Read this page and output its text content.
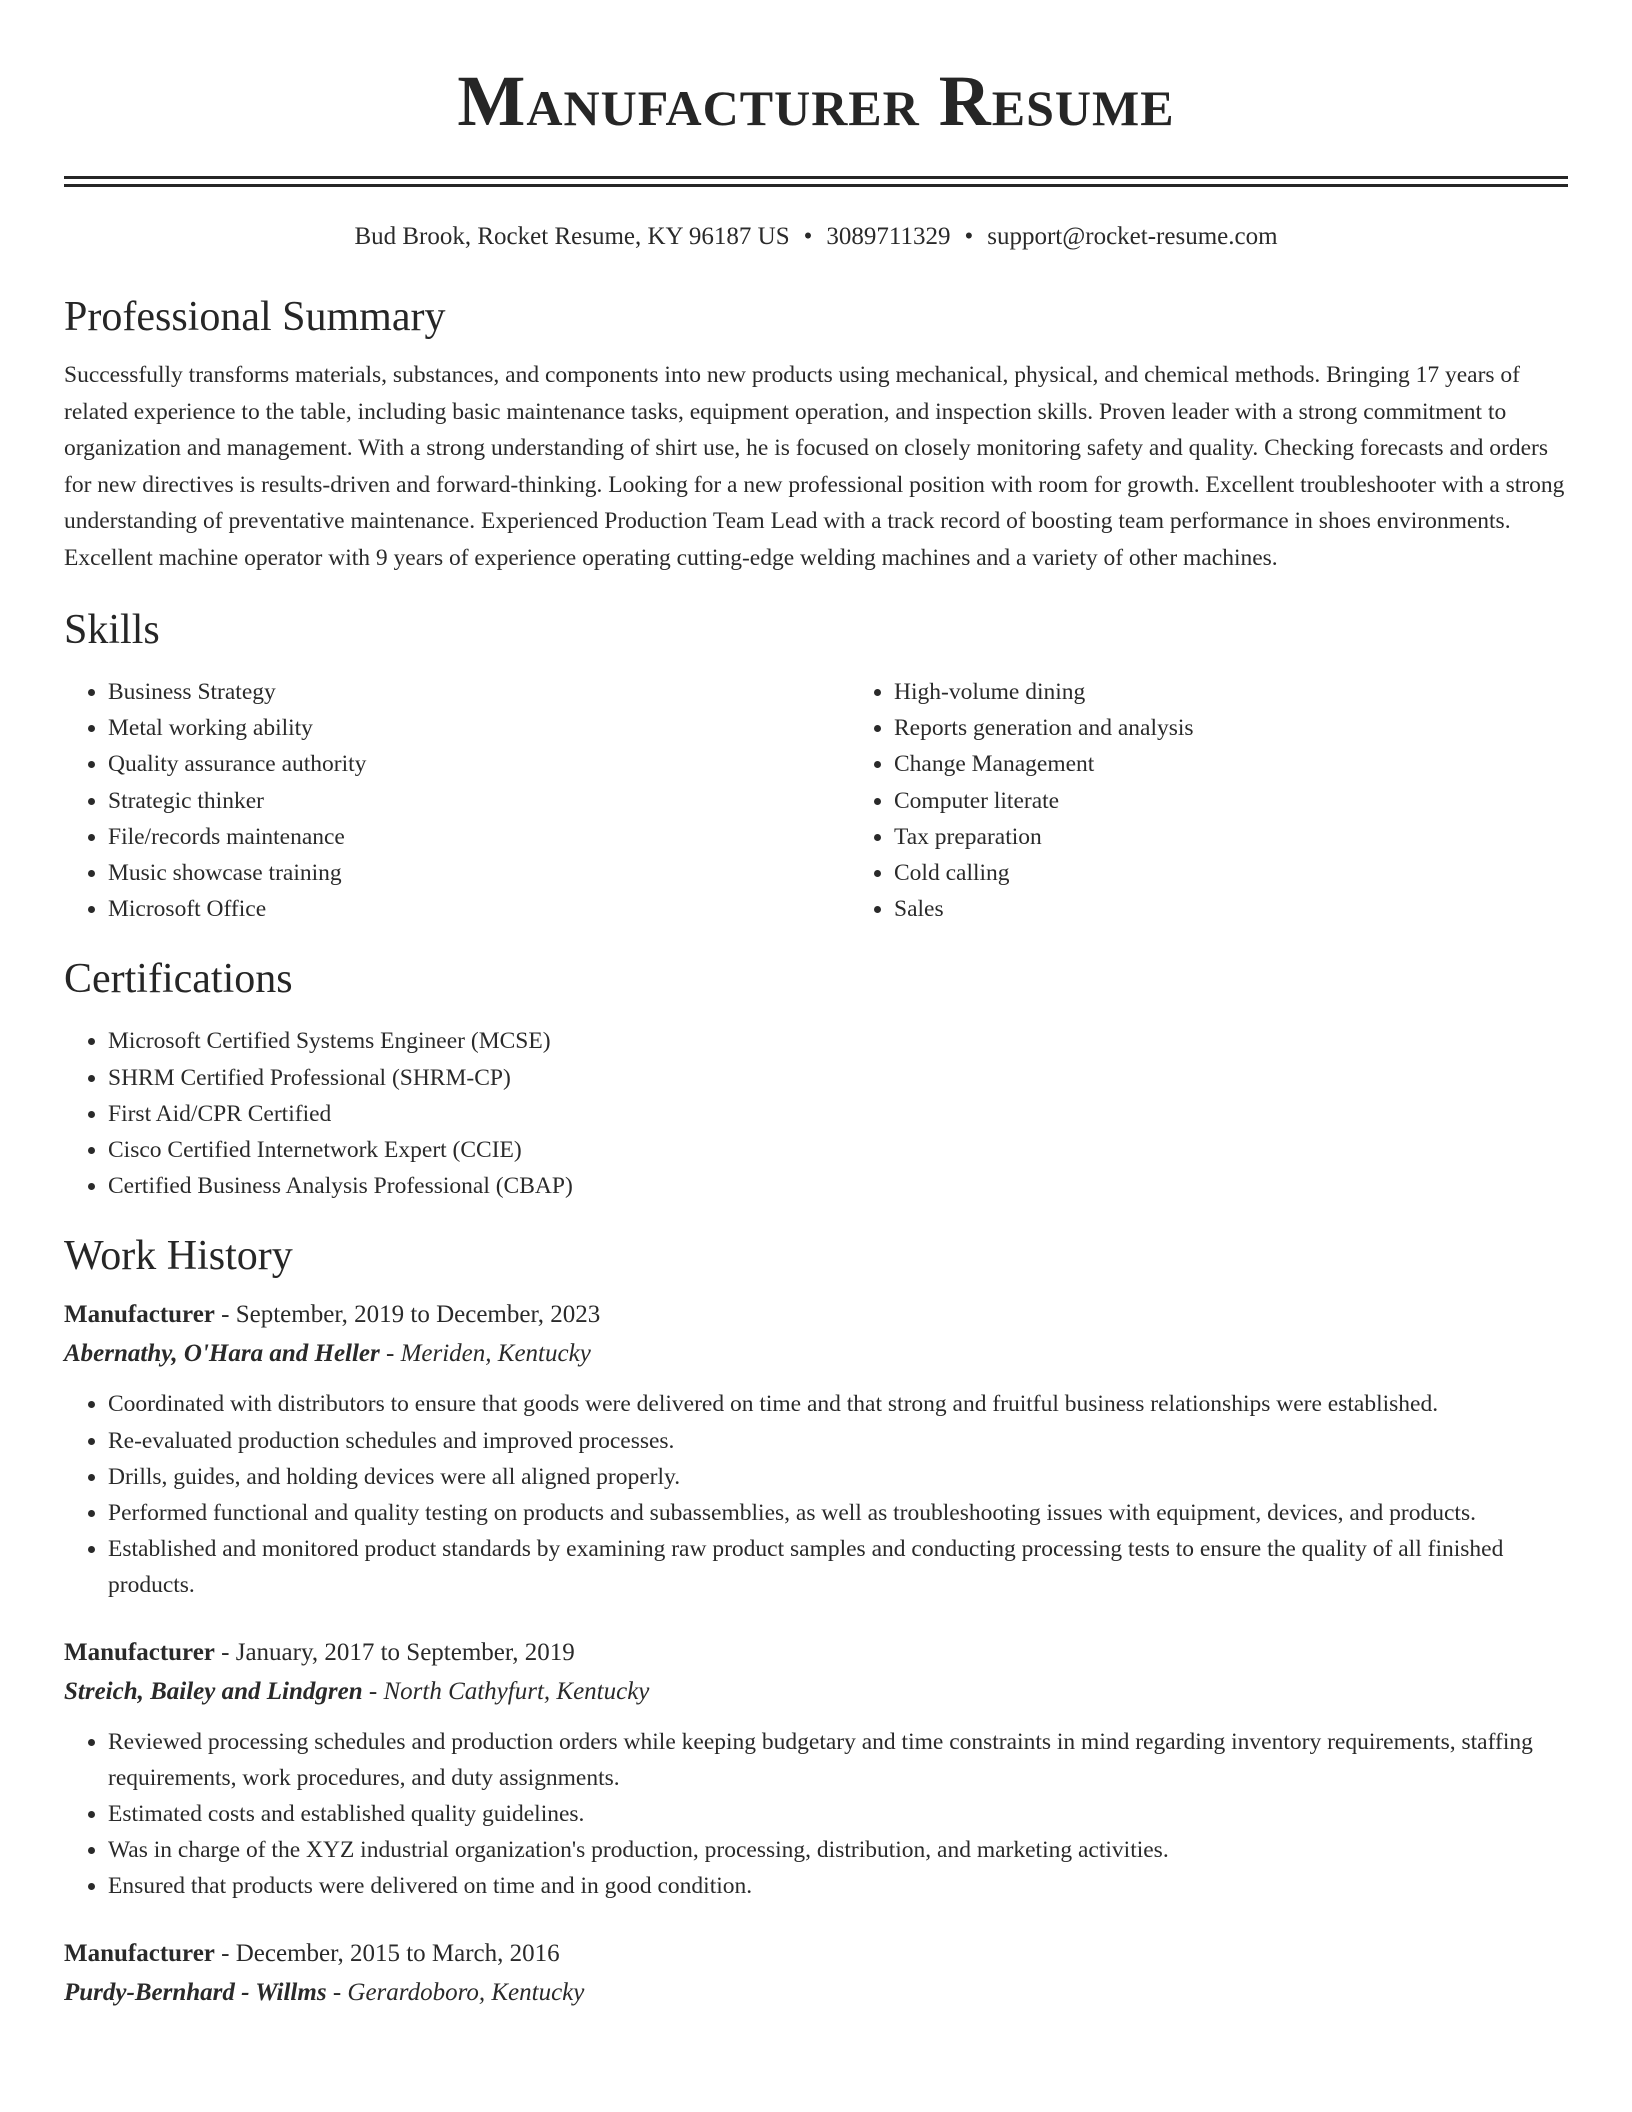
Manufacturer Resume
Bud Brook, Rocket Resume, KY 96187 US • 3089711329 • support@rocket-resume.com
Professional Summary

Successfully transforms materials, substances, and components into new products using mechanical, physical, and chemical methods. Bringing 17 years of related experience to the table, including basic maintenance tasks, equipment operation, and inspection skills. Proven leader with a strong commitment to organization and management. With a strong understanding of shirt use, he is focused on closely monitoring safety and quality. Checking forecasts and orders for new directives is results-driven and forward-thinking. Looking for a new professional position with room for growth. Excellent troubleshooter with a strong understanding of preventative maintenance. Experienced Production Team Lead with a track record of boosting team performance in shoes environments. Excellent machine operator with 9 years of experience operating cutting-edge welding machines and a variety of other machines.

Skills
• Business Strategy
• Metal working ability
• Quality assurance authority
• Strategic thinker
• File/records maintenance
• Music showcase training
• Microsoft Office
• High-volume dining
• Reports generation and analysis
• Change Management
• Computer literate
• Tax preparation
• Cold calling
• Sales
Certifications
• Microsoft Certified Systems Engineer (MCSE)
• SHRM Certified Professional (SHRM-CP)
• First Aid/CPR Certified
• Cisco Certified Internetwork Expert (CCIE)
• Certified Business Analysis Professional (CBAP)
Work History
Manufacturer - September, 2019 to December, 2023
Abernathy, O'Hara and Heller - Meriden, Kentucky
• Coordinated with distributors to ensure that goods were delivered on time and that strong and fruitful business relationships were established.
• Re-evaluated production schedules and improved processes.
• Drills, guides, and holding devices were all aligned properly.
• Performed functional and quality testing on products and subassemblies, as well as troubleshooting issues with equipment, devices, and products.
• Established and monitored product standards by examining raw product samples and conducting processing tests to ensure the quality of all finished products.
Manufacturer - January, 2017 to September, 2019
Streich, Bailey and Lindgren - North Cathyfurt, Kentucky
• Reviewed processing schedules and production orders while keeping budgetary and time constraints in mind regarding inventory requirements, staffing requirements, work procedures, and duty assignments.
• Estimated costs and established quality guidelines.
• Was in charge of the XYZ industrial organization's production, processing, distribution, and marketing activities.
• Ensured that products were delivered on time and in good condition.
Manufacturer - December, 2015 to March, 2016
Purdy-Bernhard - Willms - Gerardoboro, Kentucky
